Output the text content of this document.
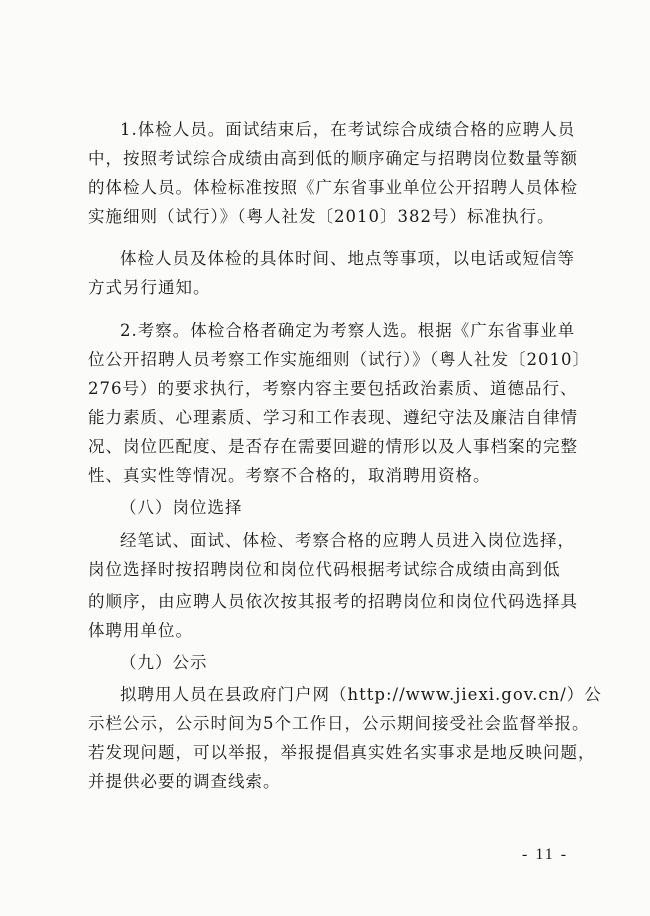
1.体检人员。面试结束后，在考试综合成绩合格的应聘人员
中，按照考试综合成绩由高到低的顺序确定与招聘岗位数量等额
的体检人员。体检标准按照《广东省事业单位公开招聘人员体检
实施细则（试行）》（粤人社发〔2010〕382号）标准执行。
体检人员及体检的具体时间、地点等事项，以电话或短信等
方式另行通知。
2.考察。体检合格者确定为考察人选。根据《广东省事业单
位公开招聘人员考察工作实施细则（试行）》（粤人社发〔2010〕
276号）的要求执行，考察内容主要包括政治素质、道德品行、
能力素质、心理素质、学习和工作表现、遵纪守法及廉洁自律情
况、岗位匹配度、是否存在需要回避的情形以及人事档案的完整
性、真实性等情况。考察不合格的，取消聘用资格。
（八）岗位选择
经笔试、面试、体检、考察合格的应聘人员进入岗位选择，
岗位选择时按招聘岗位和岗位代码根据考试综合成绩由高到低
的顺序，由应聘人员依次按其报考的招聘岗位和岗位代码选择具
体聘用单位。
（九）公示
拟聘用人员在县政府门户网（http://www.jiexi.gov.cn/）公
示栏公示，公示时间为5个工作日，公示期间接受社会监督举报。
若发现问题，可以举报，举报提倡真实姓名实事求是地反映问题，
并提供必要的调查线索。
- 11 -
